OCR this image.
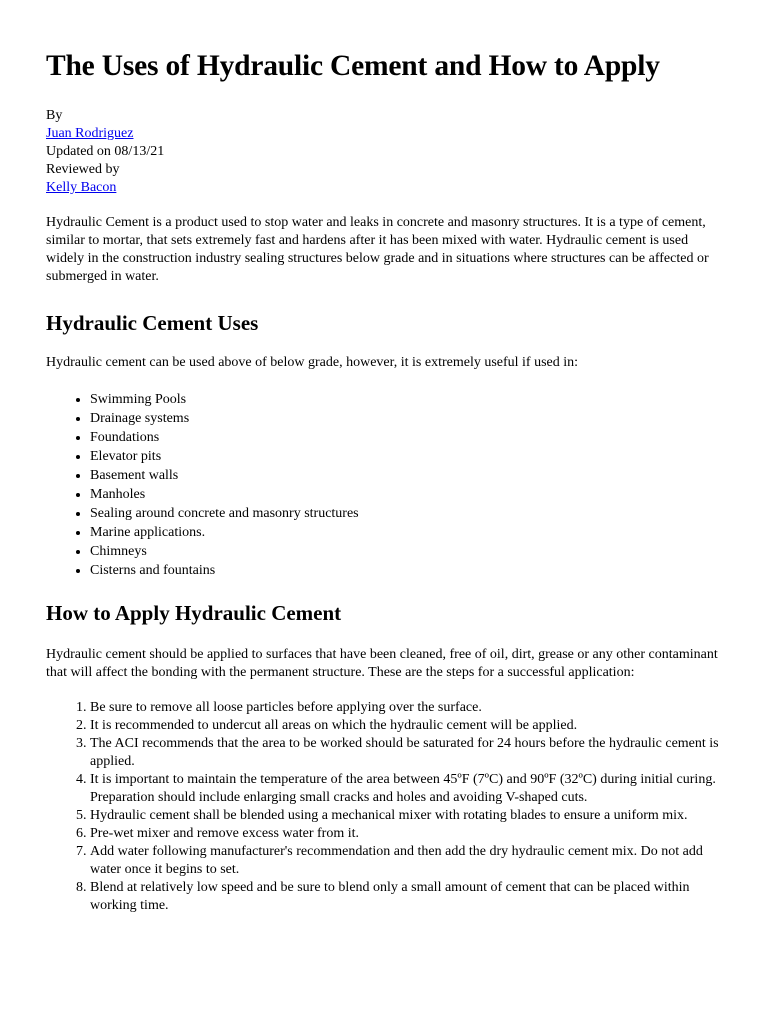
The Uses of Hydraulic Cement and How to Apply
By
Juan Rodriguez
Updated on 08/13/21
Reviewed by
Kelly Bacon

Hydraulic Cement is a product used to stop water and leaks in concrete and masonry structures. It is a type of cement, similar to mortar, that sets extremely fast and hardens after it has been mixed with water. Hydraulic cement is used widely in the construction industry sealing structures below grade and in situations where structures can be affected or submerged in water.

Hydraulic Cement Uses

Hydraulic cement can be used above of below grade, however, it is extremely useful if used in:

• Swimming Pools
• Drainage systems
• Foundations
• Elevator pits
• Basement walls
• Manholes
• Sealing around concrete and masonry structures
• Marine applications.
• Chimneys
• Cisterns and fountains
How to Apply Hydraulic Cement

Hydraulic cement should be applied to surfaces that have been cleaned, free of oil, dirt, grease or any other contaminant that will affect the bonding with the permanent structure. These are the steps for a successful application:

1. Be sure to remove all loose particles before applying over the surface.
2. It is recommended to undercut all areas on which the hydraulic cement will be applied.
3. The ACI recommends that the area to be worked should be saturated for 24 hours before the hydraulic cement is applied.
4. It is important to maintain the temperature of the area between 45ºF (7ºC) and 90ºF (32ºC) during initial curing. Preparation should include enlarging small cracks and holes and avoiding V-shaped cuts.
5. Hydraulic cement shall be blended using a mechanical mixer with rotating blades to ensure a uniform mix.
6. Pre-wet mixer and remove excess water from it.
7. Add water following manufacturer's recommendation and then add the dry hydraulic cement mix. Do not add water once it begins to set.
8. Blend at relatively low speed and be sure to blend only a small amount of cement that can be placed within working time.
